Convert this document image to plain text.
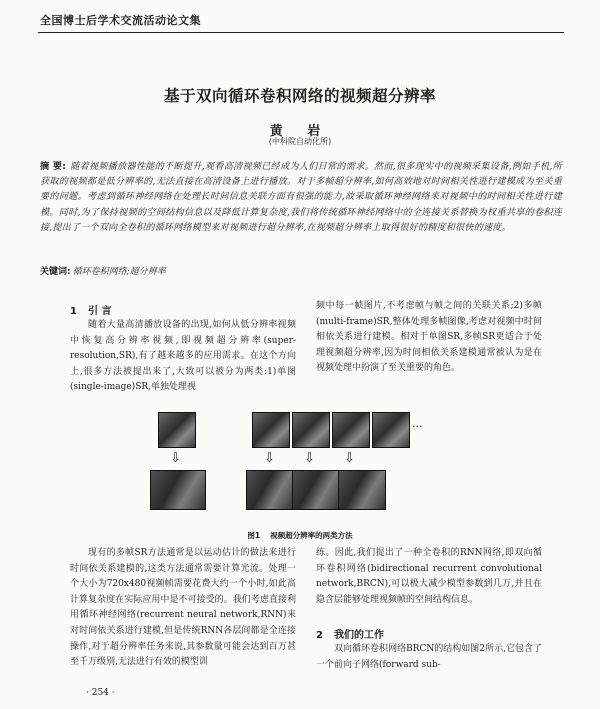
全国博士后学术交流活动论文集
基于双向循环卷积网络的视频超分辨率
黄 岩
(中科院自动化所)
摘 要: 随着视频播放器性能的不断提升,观看高清视频已经成为人们日常的需求。然而,很多现实中的视频采集设备,例如手机,所获取的视频都是低分辨率的,无法直接在高清设备上进行播放。对于多帧超分辨率,如何高效地对时间相关性进行建模成为至关重要的问题。考虑到循环神经网络在处理长时间信息关联方面有很强的能力,故采取循环神经网络来对视频中的时间相关性进行建模。同时,为了保持视频的空间结构信息以及降低计算复杂度,我们将传统循环神经网络中的全连接关系替换为权重共享的卷积连接,提出了一个双向全卷积的循环网络模型来对视频进行超分辨率,在视频超分辨率上取得很好的精度和很快的速度。
关键词: 循环卷积网络;超分辨率
1 引 言

随着大量高清播放设备的出现,如何从低分辨率视频中恢复高分辨率视频,即视频超分辨率(super-resolution,SR),有了越来越多的应用需求。在这个方向上,很多方法被提出来了,大致可以被分为两类:1)单图(single-image)SR,单独处理视

频中每一帧图片,不考虑帧与帧之间的关联关系;2)多帧(multi-frame)SR,整体处理多帧图像,考虑对视频中时间相依关系进行建模。相对于单图SR,多帧SR更适合于处理视频超分辨率,因为时间相依关系建模通常被认为是在视频处理中扮演了至关重要的角色。

⇩
···
⇩ ⇩ ⇩
图1 视频超分辨率的两类方法

现有的多帧SR方法通常是以运动估计的做法来进行时间依关系建模的,这类方法通常需要计算光流。处理一个大小为720x480视频帧需要花费大约一个小时,如此高计算复杂度在实际应用中是不可接受的。我们考虑直接利用循环神经网络(recurrent neural network,RNN)来对时间依关系进行建模,但是传统RNN各层间都是全连接操作,对于超分辨率任务来说,其参数量可能会达到百万甚至千万级别,无法进行有效的模型训

练。因此,我们提出了一种全卷积的RNN网络,即双向循环卷积网络(bidirectional recurrent convolutional network,BRCN),可以极大减少模型参数到几万,并且在隐含层能够处理视频帧的空间结构信息。

2 我们的工作

双向循环卷积网络BRCN的结构如图2所示,它包含了一个前向子网络(forward sub-

· 254 ·
